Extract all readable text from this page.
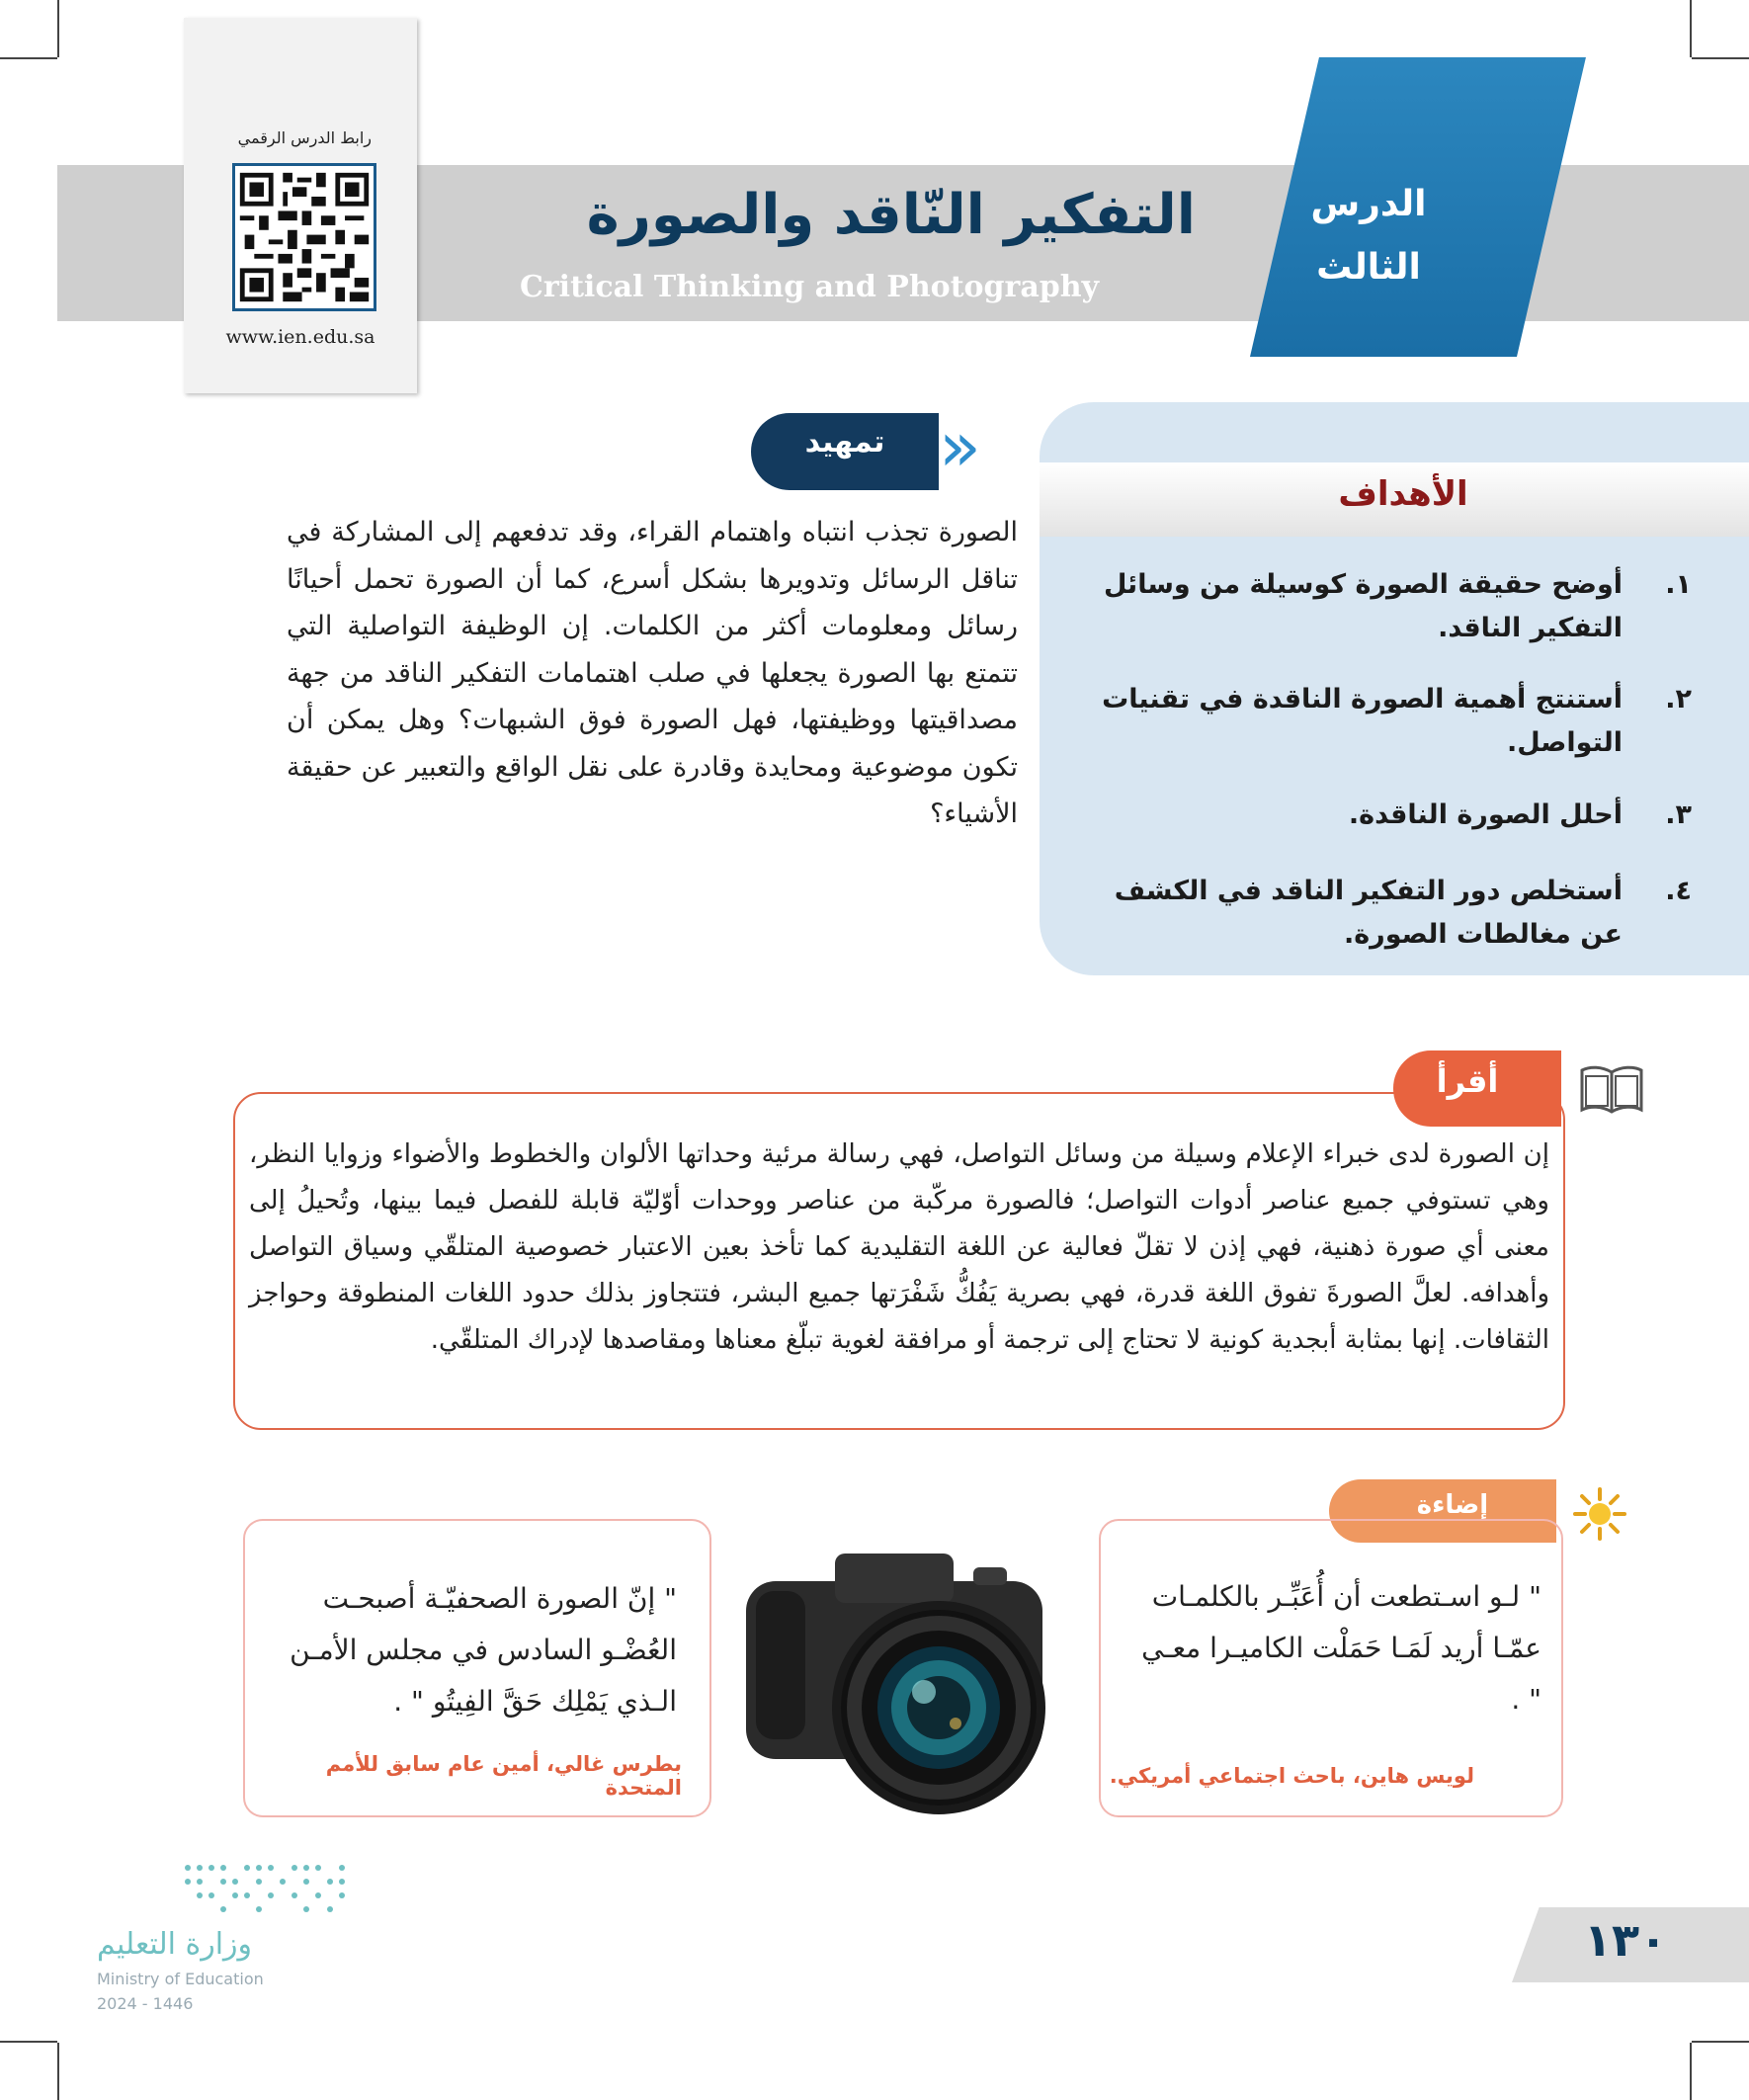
التفكير النّاقد والصورة
Critical Thinking and Photography
الدرس
الثالث
رابط الدرس الرقمي
www.ien.edu.sa
الأهداف
١.
أوضح حقيقة الصورة كوسيلة من وسائل التفكير الناقد.
٢.
أستنتج أهمية الصورة الناقدة في تقنيات التواصل.
٣.
أحلل الصورة الناقدة.
٤.
أستخلص دور التفكير الناقد في الكشف عن مغالطات الصورة.
تمهيد «
الصورة تجذب انتباه واهتمام القراء، وقد تدفعهم إلى المشاركة في تناقل الرسائل وتدويرها بشكل أسرع، كما أن الصورة تحمل أحيانًا رسائل ومعلومات أكثر من الكلمات. إن الوظيفة التواصلية التي تتمتع بها الصورة يجعلها في صلب اهتمامات التفكير الناقد من جهة مصداقيتها ووظيفتها، فهل الصورة فوق الشبهات؟ وهل يمكن أن تكون موضوعية ومحايدة وقادرة على نقل الواقع والتعبير عن حقيقة الأشياء؟
أقرأ
إن الصورة لدى خبراء الإعلام وسيلة من وسائل التواصل، فهي رسالة مرئية وحداتها الألوان والخطوط والأضواء وزوايا النظر، وهي تستوفي جميع عناصر أدوات التواصل؛ فالصورة مركّبة من عناصر ووحدات أوّليّة قابلة للفصل فيما بينها، وتُحيلُ إلى معنى أي صورة ذهنية، فهي إذن لا تقلّ فعالية عن اللغة التقليدية كما تأخذ بعين الاعتبار خصوصية المتلقّي وسياق التواصل وأهدافه. لعلَّ الصورةَ تفوق اللغة قدرة، فهي بصرية يَفُكُّ شَفْرَتها جميع البشر، فتتجاوز بذلك حدود اللغات المنطوقة وحواجز الثقافات. إنها بمثابة أبجدية كونية لا تحتاج إلى ترجمة أو مرافقة لغوية تبلّغ معناها ومقاصدها لإدراك المتلقّي.
إضاءة
" لـو اسـتطعت أن أُعَبِّـر بالكلمـات عمّـا أريد لَمَـا حَمَلْت الكاميـرا معـي " .
لويس هاين، باحث اجتماعي أمريكي.
" إنّ الصورة الصحفيّـة أصبحـت العُضْـو السادس في مجلس الأمـن الـذي يَمْلِك حَقَّ الفِيتُو " .
بطرس غالي، أمين عام سابق للأمم المتحدة
وزارة التعليم
Ministry of Education
2024 - 1446
١٣٠
